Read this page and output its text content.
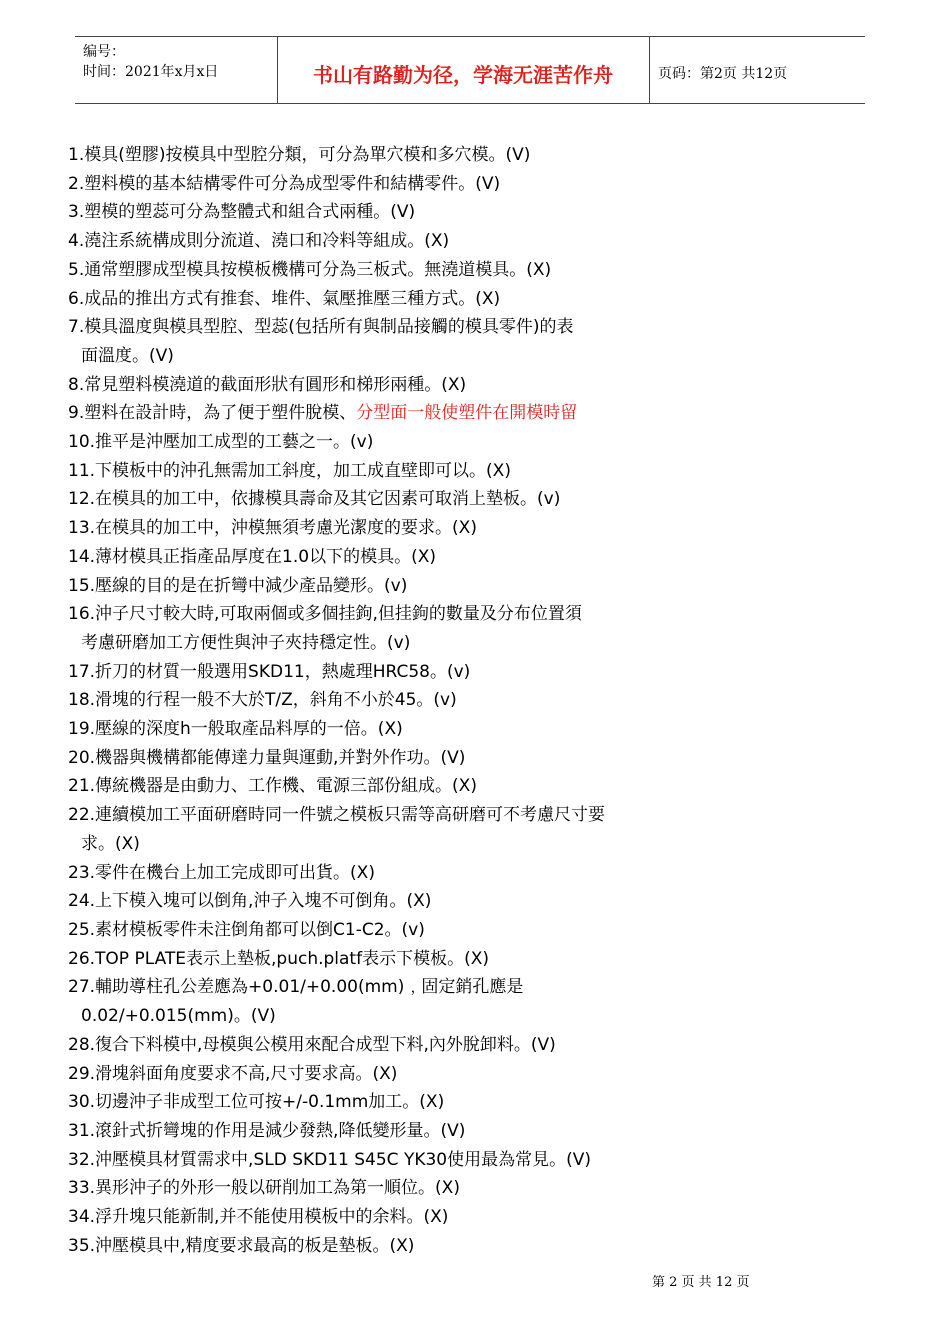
编号：
时间：2021年x月x日	书山有路勤为径，学海无涯苦作舟	页码：第2页 共12页
1.模具(塑膠)按模具中型腔分類，可分為單穴模和多穴模。(V)
2.塑料模的基本結構零件可分為成型零件和結構零件。(V)
3.塑模的塑蕊可分為整體式和組合式兩種。(V)
4.澆注系統構成則分流道、澆口和冷料等組成。(X)
5.通常塑膠成型模具按模板機構可分為三板式。無澆道模具。(X)
6.成品的推出方式有推套、堆件、氣壓推壓三種方式。(X)
7.模具溫度與模具型腔、型蕊(包括所有與制品接觸的模具零件)的表
面溫度。(V)
8.常見塑料模澆道的截面形狀有圓形和梯形兩種。(X)
9.塑料在設計時，為了便于塑件脫模、分型面一般使塑件在開模時留
10.推平是沖壓加工成型的工藝之一。(v)
11.下模板中的沖孔無需加工斜度，加工成直壁即可以。(X)
12.在模具的加工中，依據模具壽命及其它因素可取消上墊板。(v)
13.在模具的加工中，沖模無須考慮光潔度的要求。(X)
14.薄材模具正指產品厚度在1.0以下的模具。(X)
15.壓線的目的是在折彎中減少產品變形。(v)
16.沖子尺寸較大時,可取兩個或多個挂鉤,但挂鉤的數量及分布位置須
考慮研磨加工方便性與沖子夾持穩定性。(v)
17.折刀的材質一般選用SKD11，熱處理HRC58。(v)
18.滑塊的行程一般不大於T/Z，斜角不小於45。(v)
19.壓線的深度h一般取產品料厚的一倍。(X)
20.機器與機構都能傳達力量與運動,并對外作功。(V)
21.傳統機器是由動力、工作機、電源三部份組成。(X)
22.連續模加工平面研磨時同一件號之模板只需等高研磨可不考慮尺寸要
求。(X)
23.零件在機台上加工完成即可出貨。(X)
24.上下模入塊可以倒角,沖子入塊不可倒角。(X)
25.素材模板零件未注倒角都可以倒C1-C2。(v)
26.TOP PLATE表示上墊板,puch.platf表示下模板。(X)
27.輔助導柱孔公差應為+0.01/+0.00(mm)﹐固定銷孔應是
0.02/+0.015(mm)。(V)
28.復合下料模中,母模與公模用來配合成型下料,內外脫卸料。(V)
29.滑塊斜面角度要求不高,尺寸要求高。(X)
30.切邊沖子非成型工位可按+/-0.1mm加工。(X)
31.滾針式折彎塊的作用是減少發熱,降低變形量。(V)
32.沖壓模具材質需求中,SLD SKD11 S45C YK30使用最為常見。(V)
33.異形沖子的外形一般以研削加工為第一順位。(X)
34.浮升塊只能新制,并不能使用模板中的余料。(X)
35.沖壓模具中,精度要求最高的板是墊板。(X)
第 2 页 共 12 页
